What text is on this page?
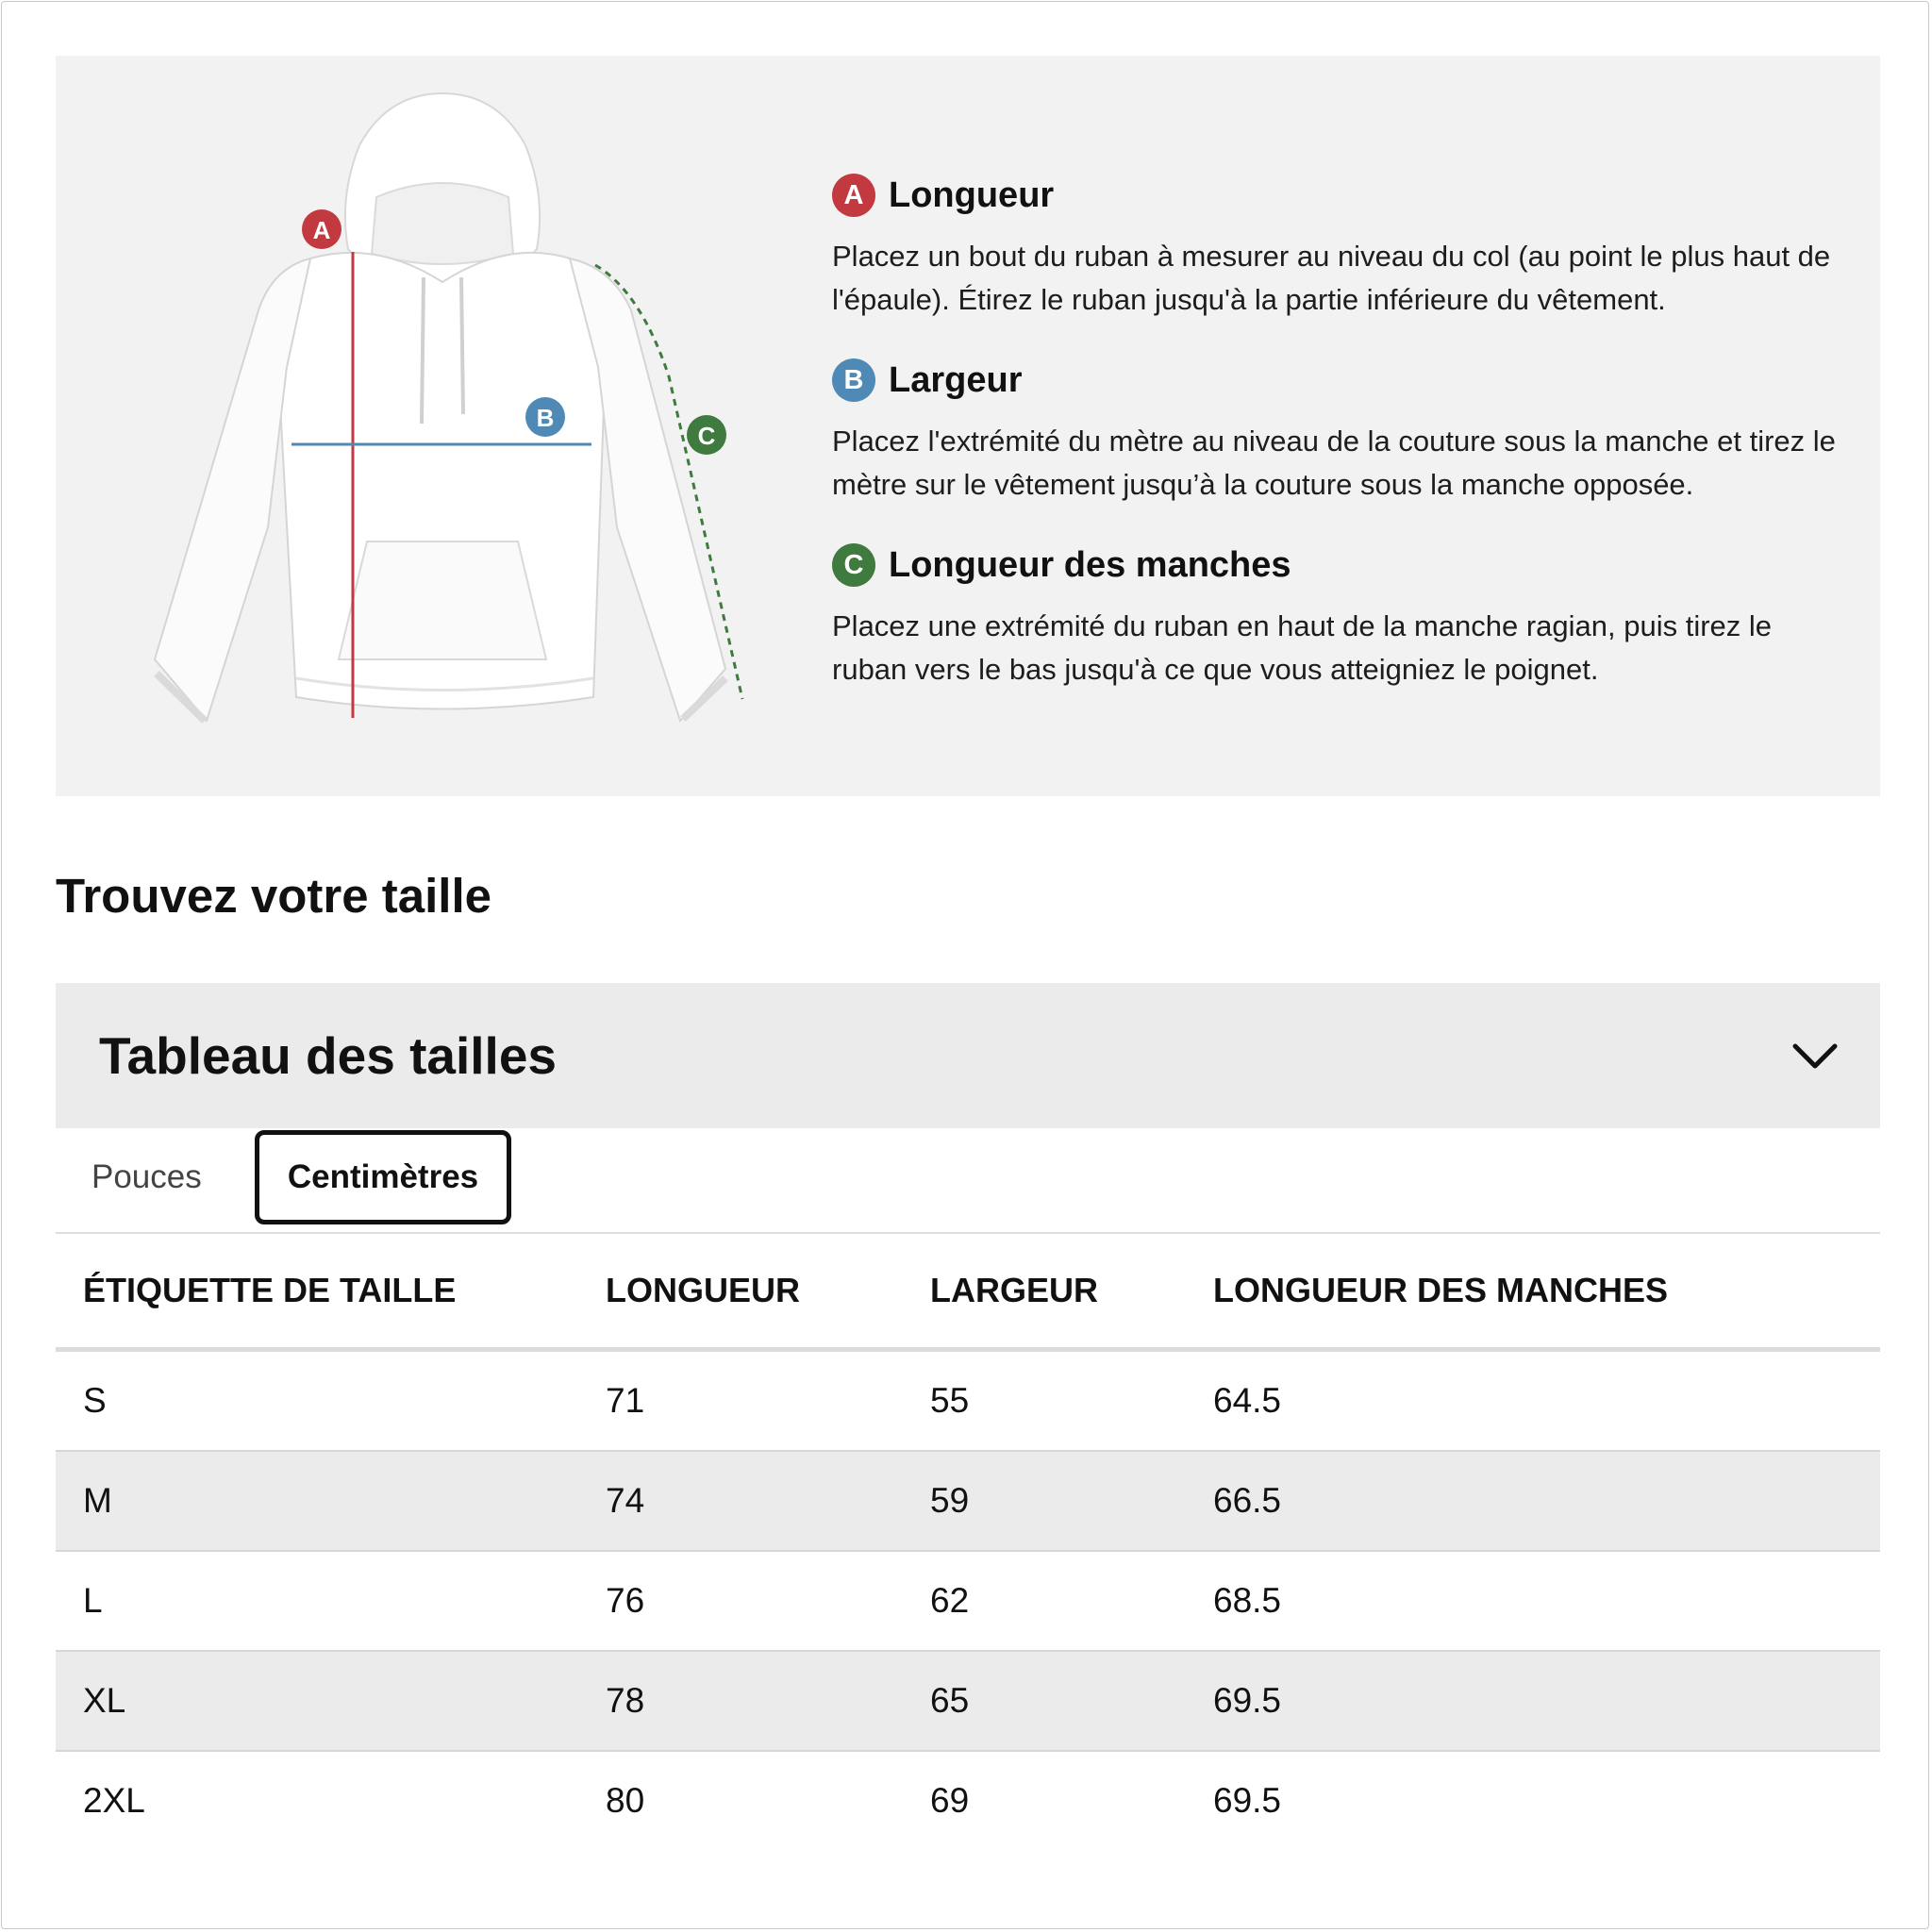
A
B
C
A Longueur
Placez un bout du ruban à mesurer au niveau du col (au point le plus haut de l'épaule). Étirez le ruban jusqu'à la partie inférieure du vêtement.
B Largeur
Placez l'extrémité du mètre au niveau de la couture sous la manche et tirez le mètre sur le vêtement jusqu’à la couture sous la manche opposée.
C Longueur des manches
Placez une extrémité du ruban en haut de la manche ragian, puis tirez le ruban vers le bas jusqu'à ce que vous atteigniez le poignet.
Trouvez votre taille
Tableau des tailles
Pouces	Centimètres
ÉTIQUETTE DE TAILLE	LONGUEUR	LARGEUR	LONGUEUR DES MANCHES
S	71	55	64.5
M	74	59	66.5
L	76	62	68.5
XL	78	65	69.5
2XL	80	69	69.5
